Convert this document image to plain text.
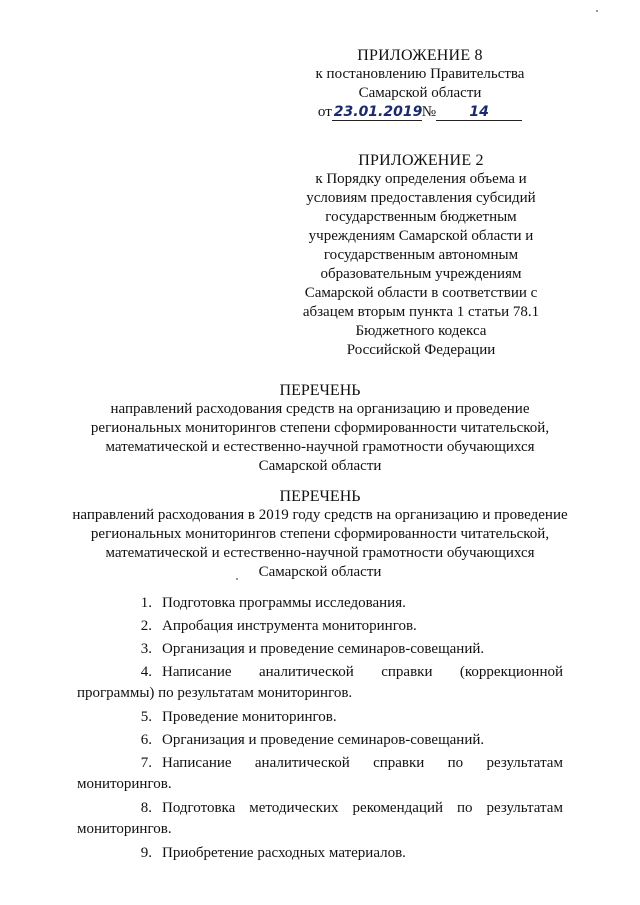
ПРИЛОЖЕНИЕ 8
к постановлению Правительства
Самарской области
от 23.01.2019№ 14
ПРИЛОЖЕНИЕ 2
к Порядку определения объема и
условиям предоставления субсидий
государственным бюджетным
учреждениям Самарской области и
государственным автономным
образовательным учреждениям
Самарской области в соответствии с
абзацем вторым пункта 1 статьи 78.1
Бюджетного кодекса
Российской Федерации
ПЕРЕЧЕНЬ
направлений расходования средств на организацию и проведение
региональных мониторингов степени сформированности читательской,
математической и естественно-научной грамотности обучающихся
Самарской области
ПЕРЕЧЕНЬ
направлений расходования в 2019 году средств на организацию и проведение
региональных мониторингов степени сформированности читательской,
математической и естественно-научной грамотности обучающихся
Самарской области
1. Подготовка программы исследования.
2. Апробация инструмента мониторингов.
3. Организация и проведение семинаров-совещаний.
4. Написание аналитической справки (коррекционной
программы) по результатам мониторингов.
5. Проведение мониторингов.
6. Организация и проведение семинаров-совещаний.
7. Написание аналитической справки по результатам
мониторингов.
8. Подготовка методических рекомендаций по результатам
мониторингов.
9. Приобретение расходных материалов.
